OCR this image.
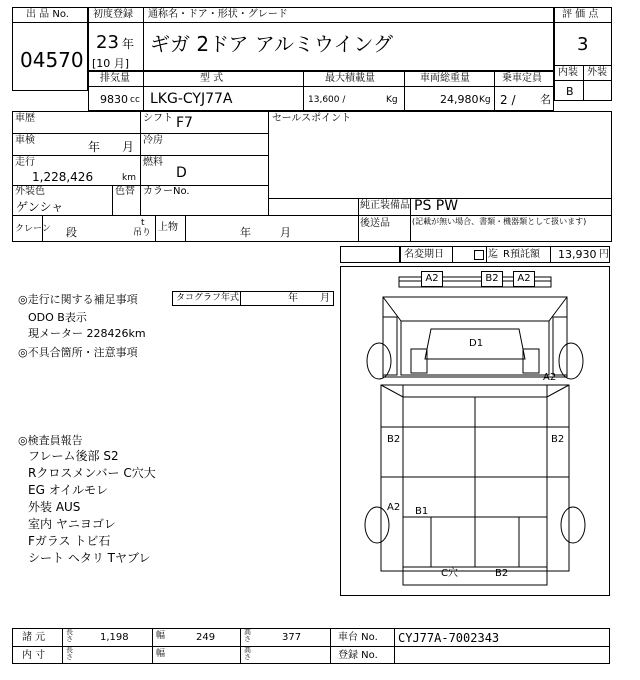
出 品 No.
04570
初度登録 通称名・ドア・形状・グレード
23 年
[10 月]
ギガ 2ドア アルミウイング
評 価 点
3
内装 外装
B
排気量	型 式	最大積載量	車両総重量	乗車定員
9830 cc LKG-CYJ77A	13,600 /	Kg	24,980 Kg 2 / 名
車歴	シフト F7	セールスポイント
車検	年 月 冷房
走行
1,228,426	km
燃料
D
外装色
ゲンシャ
色替 カラーNo.
純正装備品 PS PW
クレーン 段
t
吊り 上物	年	月
後送品	(記載が無い場合、書類・機器類として扱います)
名変期日	迄 R預託額 13,930 円
◎走行に関する補足事項	タコグラフ年式	年 月
ODO B表示
現メーター 228426km
◎不具合箇所・注意事項
◎検査員報告
フレーム後部 S2
Rクロスメンバー C穴大
EG オイルモレ
外装 AUS
室内 ヤニヨゴレ
Fガラス トビ石
シート ヘタリ Tヤブレ
A2	B2	A2
D1
A2
B2	B2
A2 B1
C穴	B2
諸 元	長さ	1,198	幅	249	高さ	377	車台 No. CYJ77A-7002343
内 寸	長さ	幅	高さ	登録 No.
